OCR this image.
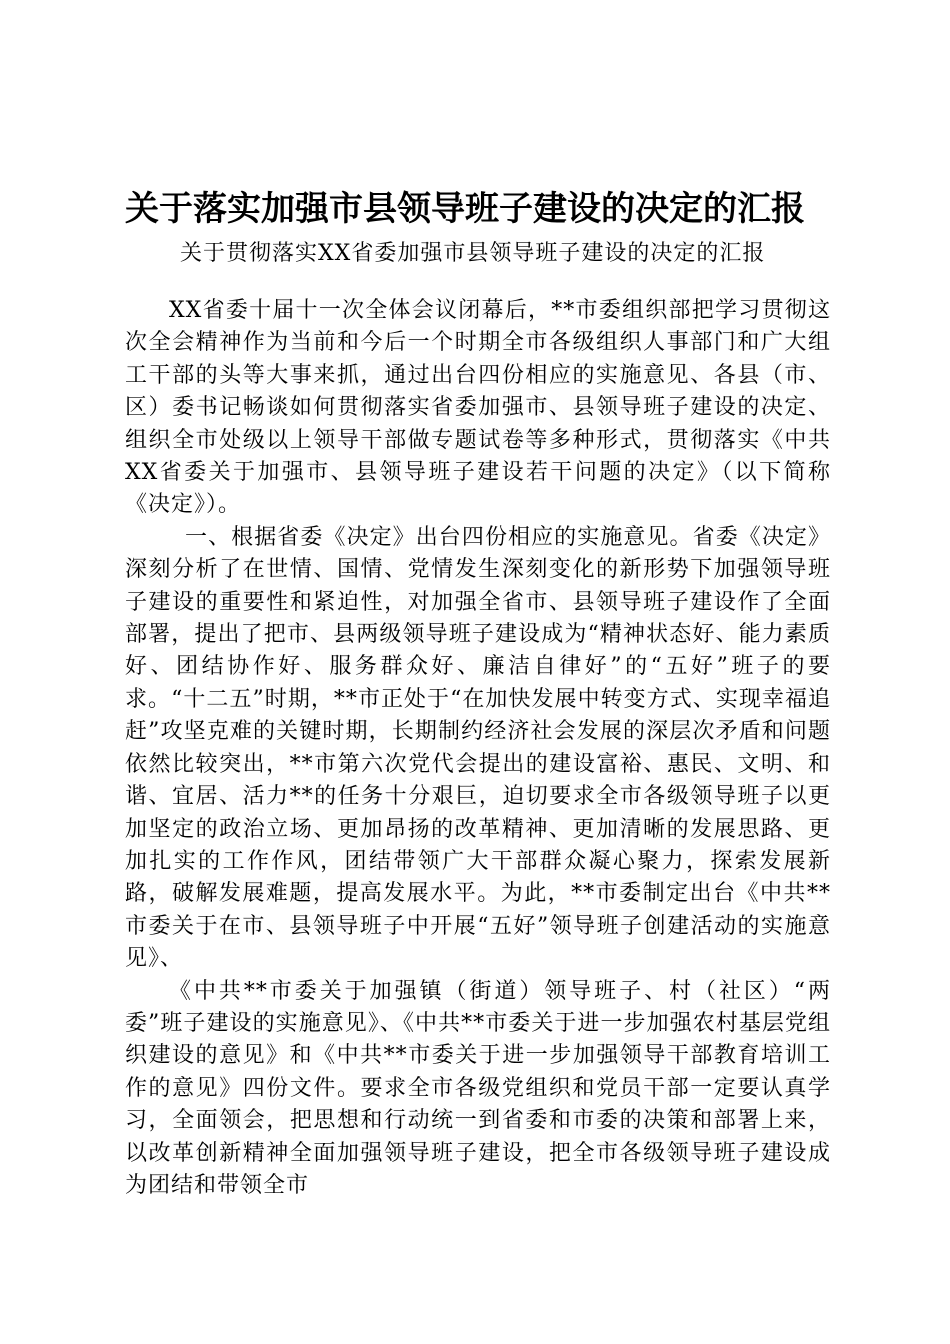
关于落实加强市县领导班子建设的决定的汇报
关于贯彻落实XX省委加强市县领导班子建设的决定的汇报

XX省委十届十一次全体会议闭幕后，**市委组织部把学习贯彻这次全会精神作为当前和今后一个时期全市各级组织人事部门和广大组工干部的头等大事来抓，通过出台四份相应的实施意见、各县（市、区）委书记畅谈如何贯彻落实省委加强市、县领导班子建设的决定、组织全市处级以上领导干部做专题试卷等多种形式，贯彻落实《中共XX省委关于加强市、县领导班子建设若干问题的决定》（以下简称《决定》）。

一、根据省委《决定》出台四份相应的实施意见。省委《决定》深刻分析了在世情、国情、党情发生深刻变化的新形势下加强领导班子建设的重要性和紧迫性，对加强全省市、县领导班子建设作了全面部署，提出了把市、县两级领导班子建设成为“精神状态好、能力素质好、团结协作好、服务群众好、廉洁自律好”的“五好”班子的要求。“十二五”时期，**市正处于“在加快发展中转变方式、实现幸福追赶”攻坚克难的关键时期，长期制约经济社会发展的深层次矛盾和问题依然比较突出，**市第六次党代会提出的建设富裕、惠民、文明、和谐、宜居、活力**的任务十分艰巨，迫切要求全市各级领导班子以更加坚定的政治立场、更加昂扬的改革精神、更加清晰的发展思路、更加扎实的工作作风，团结带领广大干部群众凝心聚力，探索发展新路，破解发展难题，提高发展水平。为此，**市委制定出台《中共**市委关于在市、县领导班子中开展“五好”领导班子创建活动的实施意见》、

《中共**市委关于加强镇（街道）领导班子、村（社区）“两委”班子建设的实施意见》、《中共**市委关于进一步加强农村基层党组织建设的意见》和《中共**市委关于进一步加强领导干部教育培训工作的意见》四份文件。要求全市各级党组织和党员干部一定要认真学习，全面领会，把思想和行动统一到省委和市委的决策和部署上来，以改革创新精神全面加强领导班子建设，把全市各级领导班子建设成为团结和带领全市
